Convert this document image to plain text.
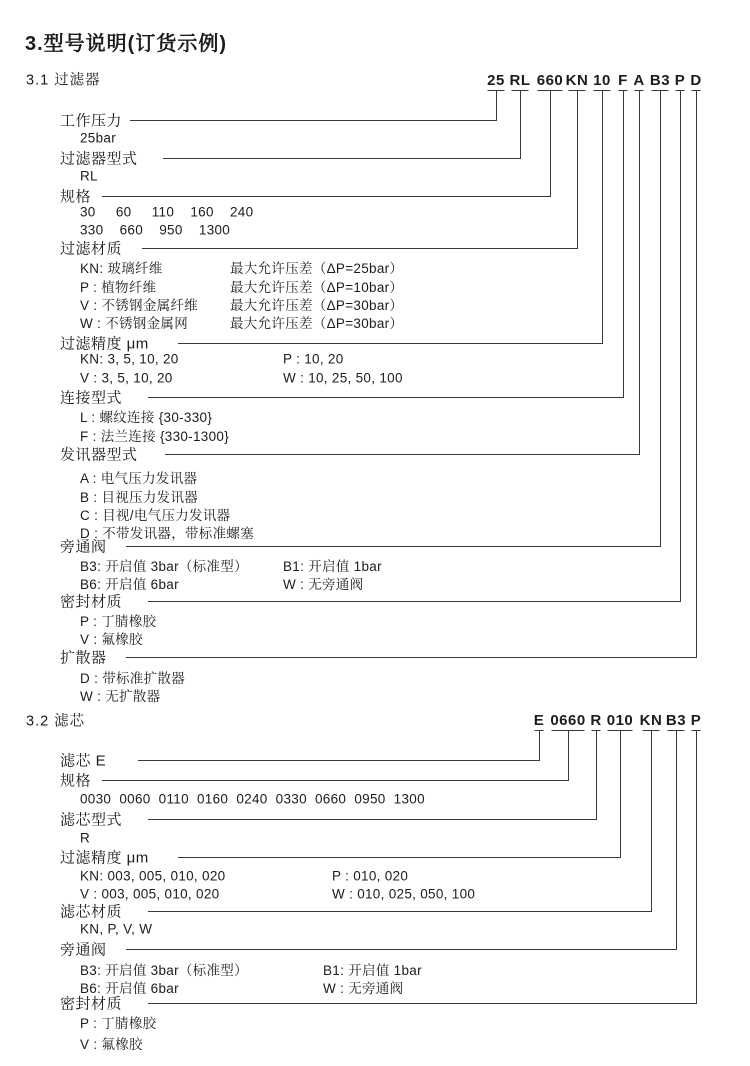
3.型号说明(订货示例)
3.1 过滤器	25 RL 660 KN 10 F A B3 P D
工作压力
25bar
过滤器型式
RL
规格
30     60     110    160    240
330    660    950    1300
过滤材质
KN: 玻璃纤维	最大允许压差（ΔP=25bar）
P : 植物纤维	最大允许压差（ΔP=10bar）
V : 不锈钢金属纤维 最大允许压差（ΔP=30bar）
W : 不锈钢金属网	最大允许压差（ΔP=30bar）
过滤精度 μm
KN: 3, 5, 10, 20	P : 10, 20
V : 3, 5, 10, 20	W : 10, 25, 50, 100
连接型式
L : 螺纹连接 {30-330}
F : 法兰连接 {330-1300}
发讯器型式
A : 电气压力发讯器
B : 目视压力发讯器
C : 目视/电气压力发讯器
D : 不带发讯器，带标准螺塞
旁通阀
B3: 开启值 3bar（标准型）	B1: 开启值 1bar
B6: 开启值 6bar	W : 无旁通阀
密封材质
P : 丁腈橡胶
V : 氟橡胶
扩散器
D : 带标准扩散器
W : 无扩散器
3.2 滤芯	E 0660 R 010 KN B3 P
滤芯 E
规格
0030  0060  0110  0160  0240  0330  0660  0950  1300
滤芯型式
R
过滤精度 μm
KN: 003, 005, 010, 020	P : 010, 020
V : 003, 005, 010, 020	W : 010, 025, 050, 100
滤芯材质
KN, P, V, W
旁通阀
B3: 开启值 3bar（标准型）	B1: 开启值 1bar
B6: 开启值 6bar	W : 无旁通阀
密封材质
P : 丁腈橡胶
V : 氟橡胶
